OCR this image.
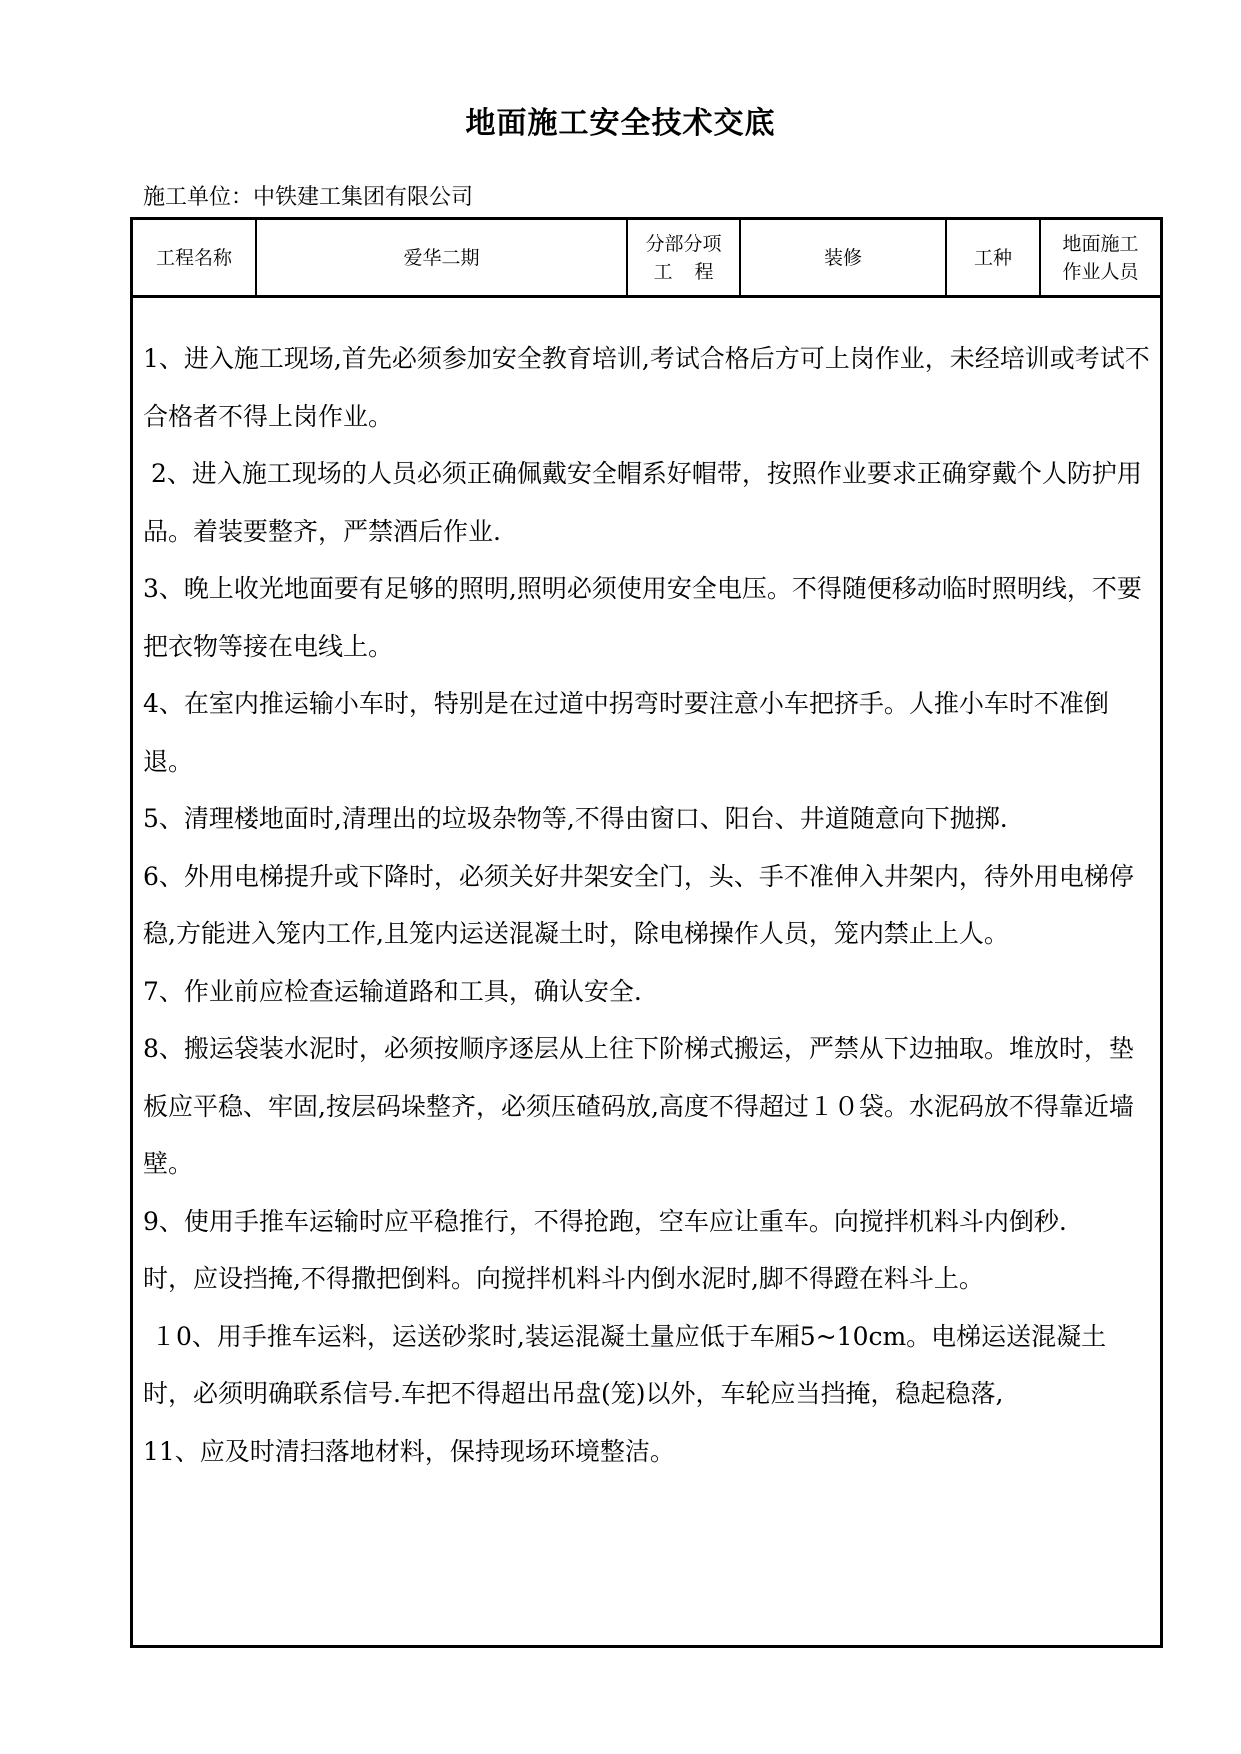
地面施工安全技术交底
施工单位：中铁建工集团有限公司
工程名称	爱华二期
分部分项
工程
装修	工种
地面施工
作业人员

1、进入施工现场,首先必须参加安全教育培训,考试合格后方可上岗作业，未经培训或考试不合格者不得上岗作业。

2、进入施工现场的人员必须正确佩戴安全帽系好帽带，按照作业要求正确穿戴个人防护用品。着装要整齐，严禁酒后作业.

3、晚上收光地面要有足够的照明,照明必须使用安全电压。不得随便移动临时照明线，不要把衣物等接在电线上。

4、在室内推运输小车时，特别是在过道中拐弯时要注意小车把挤手。人推小车时不准倒退。

5、清理楼地面时,清理出的垃圾杂物等,不得由窗口、阳台、井道随意向下抛掷.

6、外用电梯提升或下降时，必须关好井架安全门，头、手不准伸入井架内，待外用电梯停稳,方能进入笼内工作,且笼内运送混凝土时，除电梯操作人员，笼内禁止上人。

7、作业前应检查运输道路和工具，确认安全.

8、搬运袋装水泥时，必须按顺序逐层从上往下阶梯式搬运，严禁从下边抽取。堆放时，垫板应平稳、牢固,按层码垛整齐，必须压碴码放,高度不得超过１０袋。水泥码放不得靠近墙壁。

9、使用手推车运输时应平稳推行，不得抢跑，空车应让重车。向搅拌机料斗内倒秒.

时，应设挡掩,不得撒把倒料。向搅拌机料斗内倒水泥时,脚不得蹬在料斗上。

１0、用手推车运料，运送砂浆时,装运混凝土量应低于车厢5~10cm。电梯运送混凝土时，必须明确联系信号.车把不得超出吊盘(笼)以外，车轮应当挡掩，稳起稳落,

11、应及时清扫落地材料，保持现场环境整洁。
